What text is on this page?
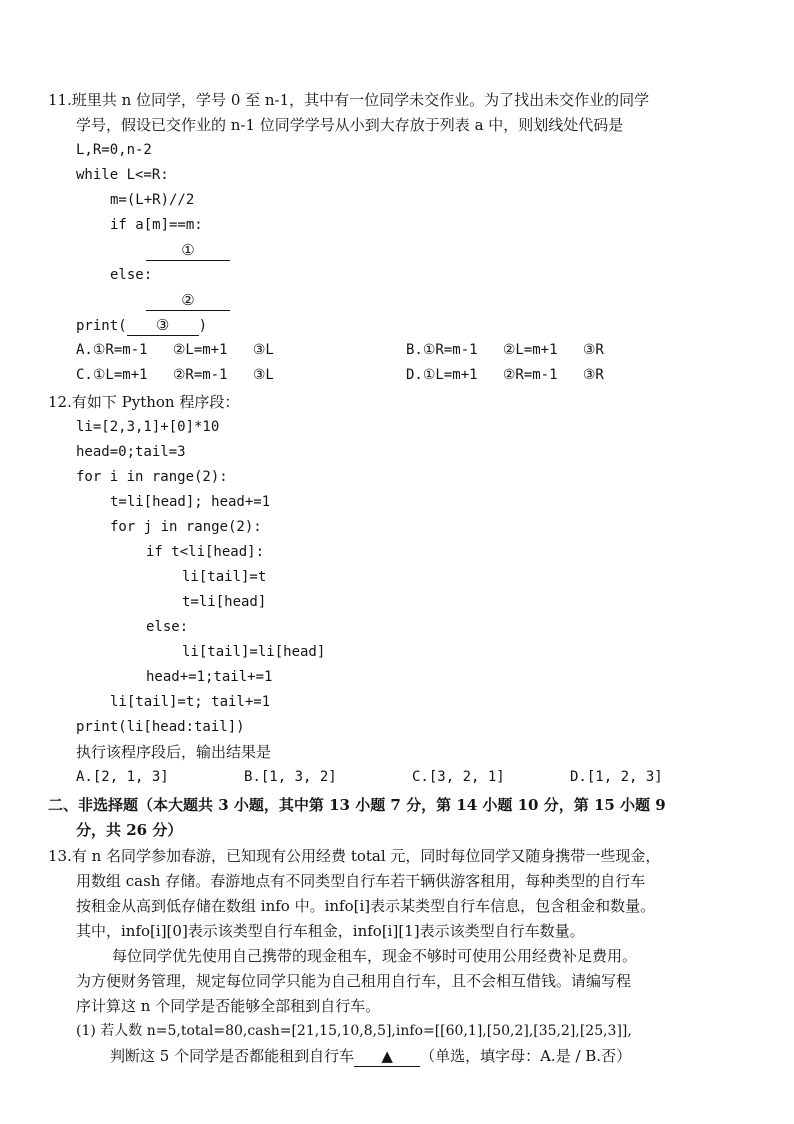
11.班里共 n 位同学，学号 0 至 n-1，其中有一位同学未交作业。为了找出未交作业的同学
学号，假设已交作业的 n-1 位同学学号从小到大存放于列表 a 中，则划线处代码是
L,R=0,n-2
while L<=R:
m=(L+R)//2
if a[m]==m:
①
else:
②
print( ③ )
A.①R=m-1   ②L=m+1   ③L	B.①R=m-1   ②L=m+1   ③R
C.①L=m+1   ②R=m-1   ③L	D.①L=m+1   ②R=m-1   ③R
12.有如下 Python 程序段：
li=[2,3,1]+[0]*10
head=0;tail=3
for i in range(2):
t=li[head]; head+=1
for j in range(2):
if t<li[head]:
li[tail]=t
t=li[head]
else:
li[tail]=li[head]
head+=1;tail+=1
li[tail]=t; tail+=1
print(li[head:tail])
执行该程序段后，输出结果是
A.[2, 1, 3]	B.[1, 3, 2]	C.[3, 2, 1]	D.[1, 2, 3]
二、非选择题（本大题共 3 小题，其中第 13 小题 7 分，第 14 小题 10 分，第 15 小题 9
分，共 26 分）
13.有 n 名同学参加春游，已知现有公用经费 total 元，同时每位同学又随身携带一些现金，
用数组 cash 存储。春游地点有不同类型自行车若干辆供游客租用，每种类型的自行车
按租金从高到低存储在数组 info 中。info[i]表示某类型自行车信息，包含租金和数量。
其中，info[i][0]表示该类型自行车租金，info[i][1]表示该类型自行车数量。
每位同学优先使用自己携带的现金租车，现金不够时可使用公用经费补足费用。
为方便财务管理，规定每位同学只能为自己租用自行车，且不会相互借钱。请编写程
序计算这 n 个同学是否能够全部租到自行车。
(1) 若人数 n=5,total=80,cash=[21,15,10,8,5],info=[[60,1],[50,2],[35,2],[25,3]],
判断这 5 个同学是否都能租到自行车 ▲ （单选，填字母：A.是 / B.否）
